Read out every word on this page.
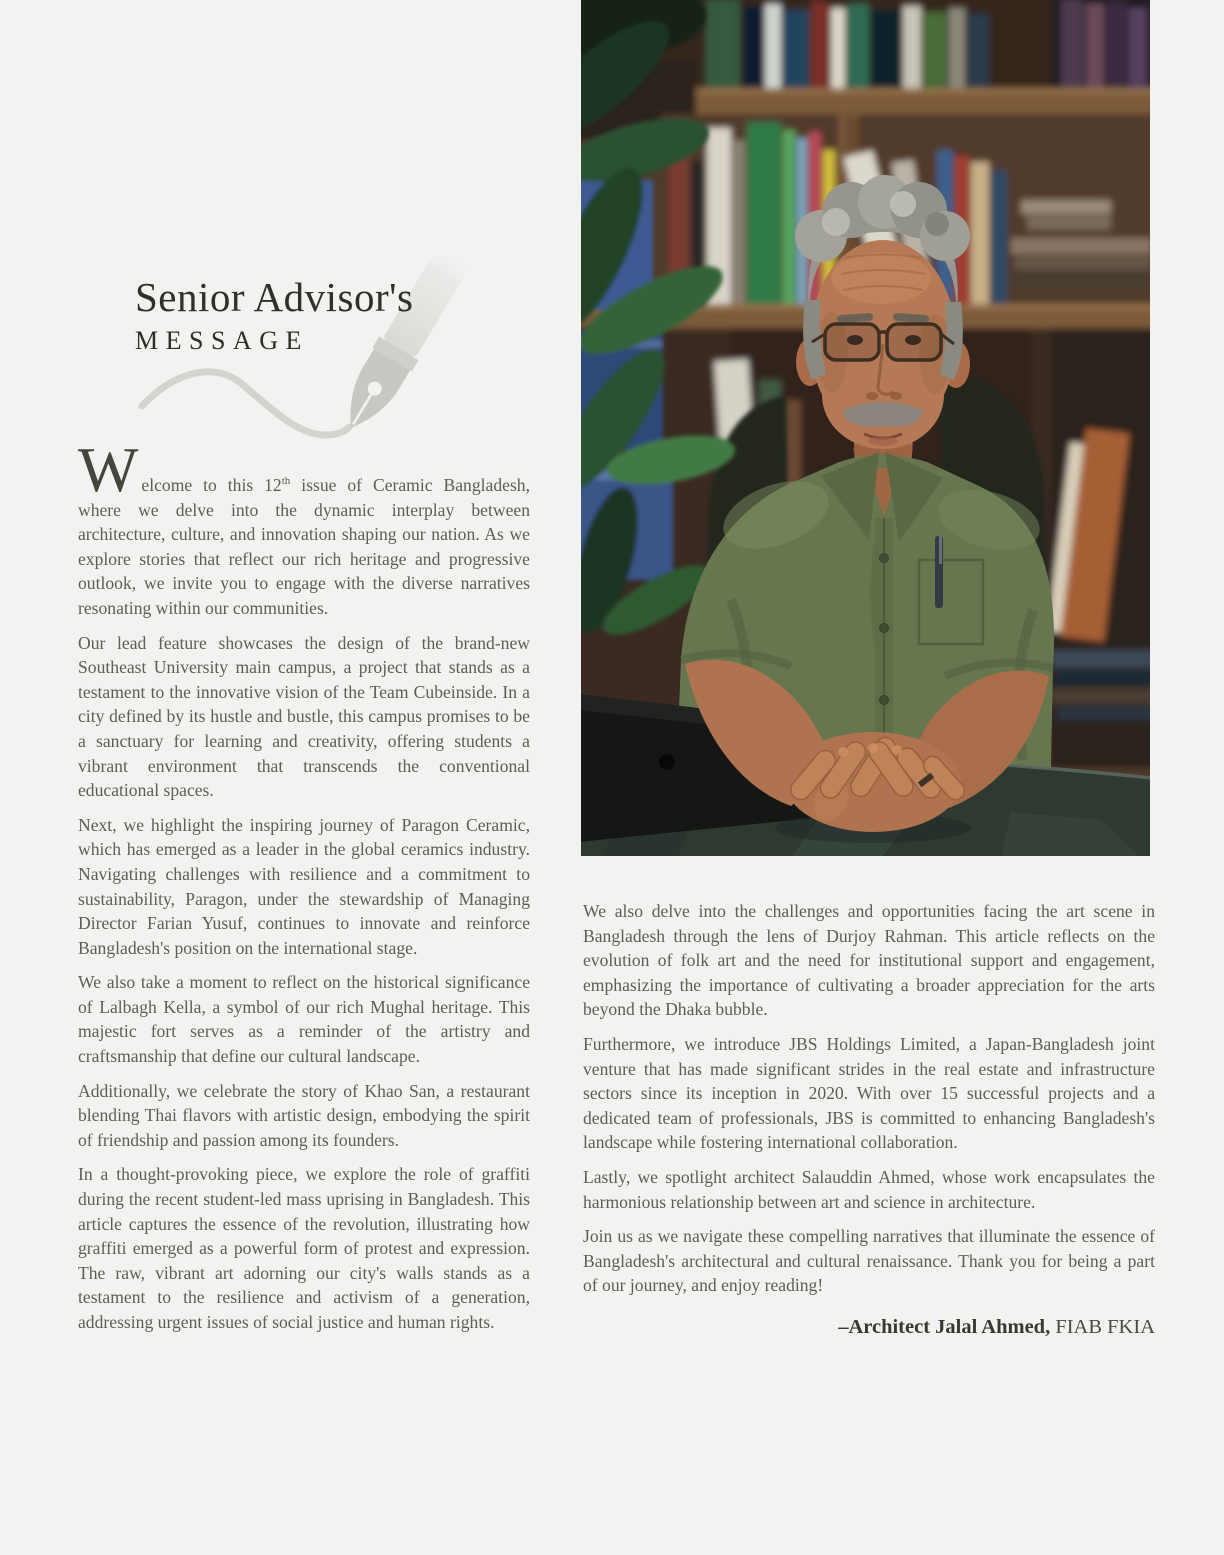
Senior Advisor's
MESSAGE

Welcome to this 12th issue of Ceramic Bangladesh, where we delve into the dynamic interplay between architecture, culture, and innovation shaping our nation. As we explore stories that reflect our rich heritage and progressive outlook, we invite you to engage with the diverse narratives resonating within our communities.

Our lead feature showcases the design of the brand-new Southeast University main campus, a project that stands as a testament to the innovative vision of the Team Cubeinside. In a city defined by its hustle and bustle, this campus promises to be a sanctuary for learning and creativity, offering students a vibrant environment that transcends the conventional educational spaces.

Next, we highlight the inspiring journey of Paragon Ceramic, which has emerged as a leader in the global ceramics industry. Navigating challenges with resilience and a commitment to sustainability, Paragon, under the stewardship of Managing Director Farian Yusuf, continues to innovate and reinforce Bangladesh's position on the international stage.

We also take a moment to reflect on the historical significance of Lalbagh Kella, a symbol of our rich Mughal heritage. This majestic fort serves as a reminder of the artistry and craftsmanship that define our cultural landscape.

Additionally, we celebrate the story of Khao San, a restaurant blending Thai flavors with artistic design, embodying the spirit of friendship and passion among its founders.

In a thought-provoking piece, we explore the role of graffiti during the recent student-led mass uprising in Bangladesh. This article captures the essence of the revolution, illustrating how graffiti emerged as a powerful form of protest and expression. The raw, vibrant art adorning our city's walls stands as a testament to the resilience and activism of a generation, addressing urgent issues of social justice and human rights.

We also delve into the challenges and opportunities facing the art scene in Bangladesh through the lens of Durjoy Rahman. This article reflects on the evolution of folk art and the need for institutional support and engagement, emphasizing the importance of cultivating a broader appreciation for the arts beyond the Dhaka bubble.

Furthermore, we introduce JBS Holdings Limited, a Japan-Bangladesh joint venture that has made significant strides in the real estate and infrastructure sectors since its inception in 2020. With over 15 successful projects and a dedicated team of professionals, JBS is committed to enhancing Bangladesh's landscape while fostering international collaboration.

Lastly, we spotlight architect Salauddin Ahmed, whose work encapsulates the harmonious relationship between art and science in architecture.

Join us as we navigate these compelling narratives that illuminate the essence of Bangladesh's architectural and cultural renaissance. Thank you for being a part of our journey, and enjoy reading!

–Architect Jalal Ahmed, FIAB FKIA
